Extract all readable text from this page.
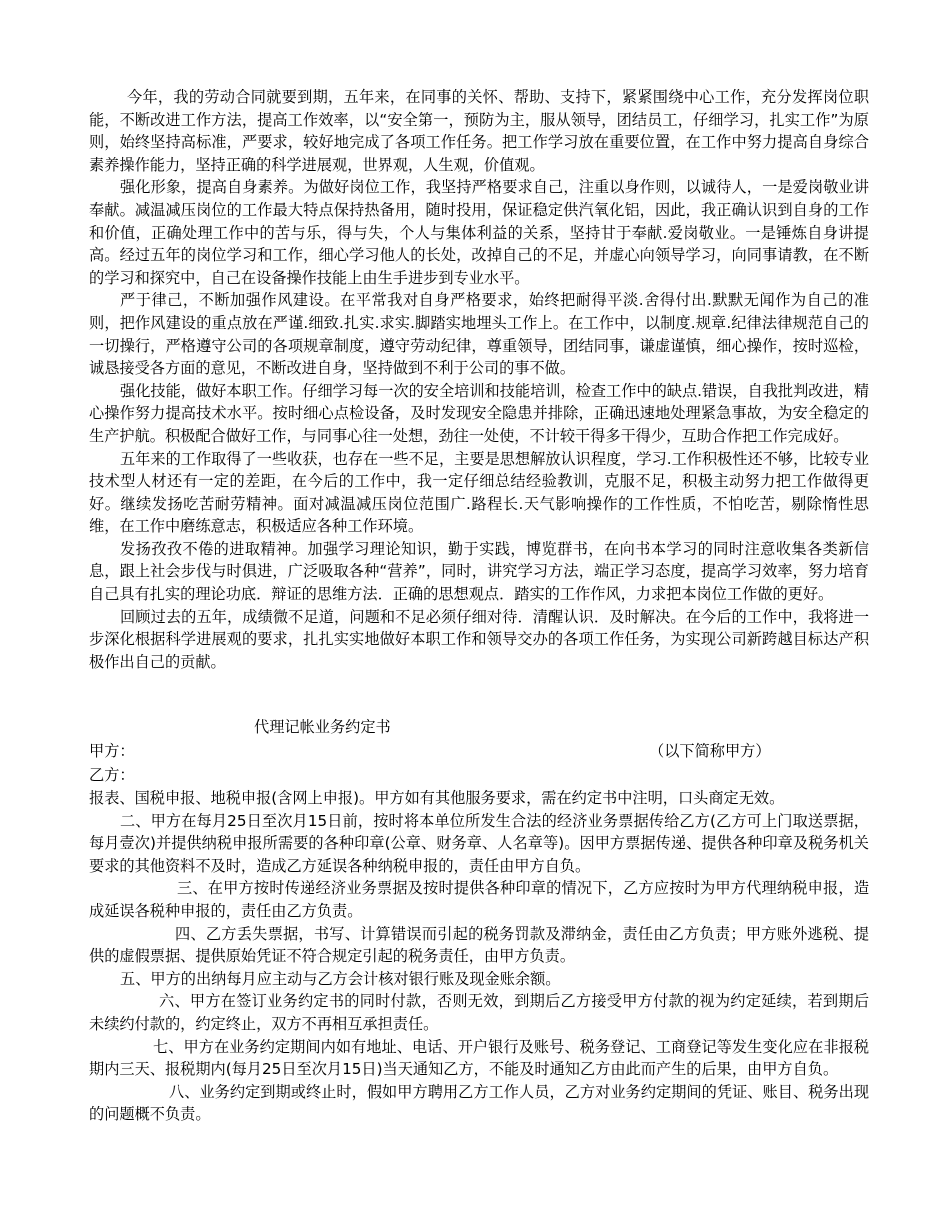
今年，我的劳动合同就要到期，五年来，在同事的关怀、帮助、支持下，紧紧围绕中心工作，充分发挥岗位职能，不断改进工作方法，提高工作效率，以“安全第一，预防为主，服从领导，团结员工，仔细学习，扎实工作”为原则，始终坚持高标准，严要求，较好地完成了各项工作任务。把工作学习放在重要位置，在工作中努力提高自身综合素养操作能力，坚持正确的科学进展观，世界观，人生观，价值观。

强化形象，提高自身素养。为做好岗位工作，我坚持严格要求自己，注重以身作则，以诚待人，一是爱岗敬业讲奉献。减温减压岗位的工作最大特点保持热备用，随时投用，保证稳定供汽氧化铝，因此，我正确认识到自身的工作和价值，正确处理工作中的苦与乐，得与失，个人与集体利益的关系，坚持甘于奉献.爱岗敬业。一是锤炼自身讲提高。经过五年的岗位学习和工作，细心学习他人的长处，改掉自己的不足，并虚心向领导学习，向同事请教，在不断的学习和探究中，自己在设备操作技能上由生手进步到专业水平。

严于律己，不断加强作风建设。在平常我对自身严格要求，始终把耐得平淡.舍得付出.默默无闻作为自己的准则，把作风建设的重点放在严谨.细致.扎实.求实.脚踏实地埋头工作上。在工作中，以制度.规章.纪律法律规范自己的一切操行，严格遵守公司的各项规章制度，遵守劳动纪律，尊重领导，团结同事，谦虚谨慎，细心操作，按时巡检，诚恳接受各方面的意见，不断改进自身，坚持做到不利于公司的事不做。

强化技能，做好本职工作。仔细学习每一次的安全培训和技能培训，检查工作中的缺点.错误，自我批判改进，精心操作努力提高技术水平。按时细心点检设备，及时发现安全隐患并排除，正确迅速地处理紧急事故，为安全稳定的生产护航。积极配合做好工作，与同事心往一处想，劲往一处使，不计较干得多干得少，互助合作把工作完成好。

五年来的工作取得了一些收获，也存在一些不足，主要是思想解放认识程度，学习.工作积极性还不够，比较专业技术型人材还有一定的差距，在今后的工作中，我一定仔细总结经验教训，克服不足，积极主动努力把工作做得更好。继续发扬吃苦耐劳精神。面对减温减压岗位范围广.路程长.天气影响操作的工作性质，不怕吃苦，剔除惰性思维，在工作中磨练意志，积极适应各种工作环境。

发扬孜孜不倦的进取精神。加强学习理论知识，勤于实践，博览群书，在向书本学习的同时注意收集各类新信息，跟上社会步伐与时俱进，广泛吸取各种“营养”，同时，讲究学习方法，端正学习态度，提高学习效率，努力培育自己具有扎实的理论功底．辩证的思维方法．正确的思想观点．踏实的工作作风，力求把本岗位工作做的更好。

回顾过去的五年，成绩微不足道，问题和不足必须仔细对待．清醒认识．及时解决。在今后的工作中，我将进一步深化根据科学进展观的要求，扎扎实实地做好本职工作和领导交办的各项工作任务，为实现公司新跨越目标达产积极作出自己的贡献。

代理记帐业务约定书

甲方：	（以下简称甲方）

乙方：

报表、国税申报、地税申报(含网上申报)。甲方如有其他服务要求，需在约定书中注明，口头商定无效。

二、甲方在每月25日至次月15日前，按时将本单位所发生合法的经济业务票据传给乙方(乙方可上门取送票据，每月壹次)并提供纳税申报所需要的各种印章(公章、财务章、人名章等)。因甲方票据传递、提供各种印章及税务机关要求的其他资料不及时，造成乙方延误各种纳税申报的，责任由甲方自负。

三、在甲方按时传递经济业务票据及按时提供各种印章的情况下，乙方应按时为甲方代理纳税申报，造成延误各税种申报的，责任由乙方负责。

四、乙方丢失票据，书写、计算错误而引起的税务罚款及滞纳金，责任由乙方负责；甲方账外逃税、提供的虚假票据、提供原始凭证不符合规定引起的税务责任，由甲方负责。

五、甲方的出纳每月应主动与乙方会计核对银行账及现金账余额。

六、甲方在签订业务约定书的同时付款，否则无效，到期后乙方接受甲方付款的视为约定延续，若到期后未续约付款的，约定终止，双方不再相互承担责任。

七、甲方在业务约定期间内如有地址、电话、开户银行及账号、税务登记、工商登记等发生变化应在非报税期内三天、报税期内(每月25日至次月15日)当天通知乙方，不能及时通知乙方由此而产生的后果，由甲方自负。

八、业务约定到期或终止时，假如甲方聘用乙方工作人员，乙方对业务约定期间的凭证、账目、税务出现的问题概不负责。
